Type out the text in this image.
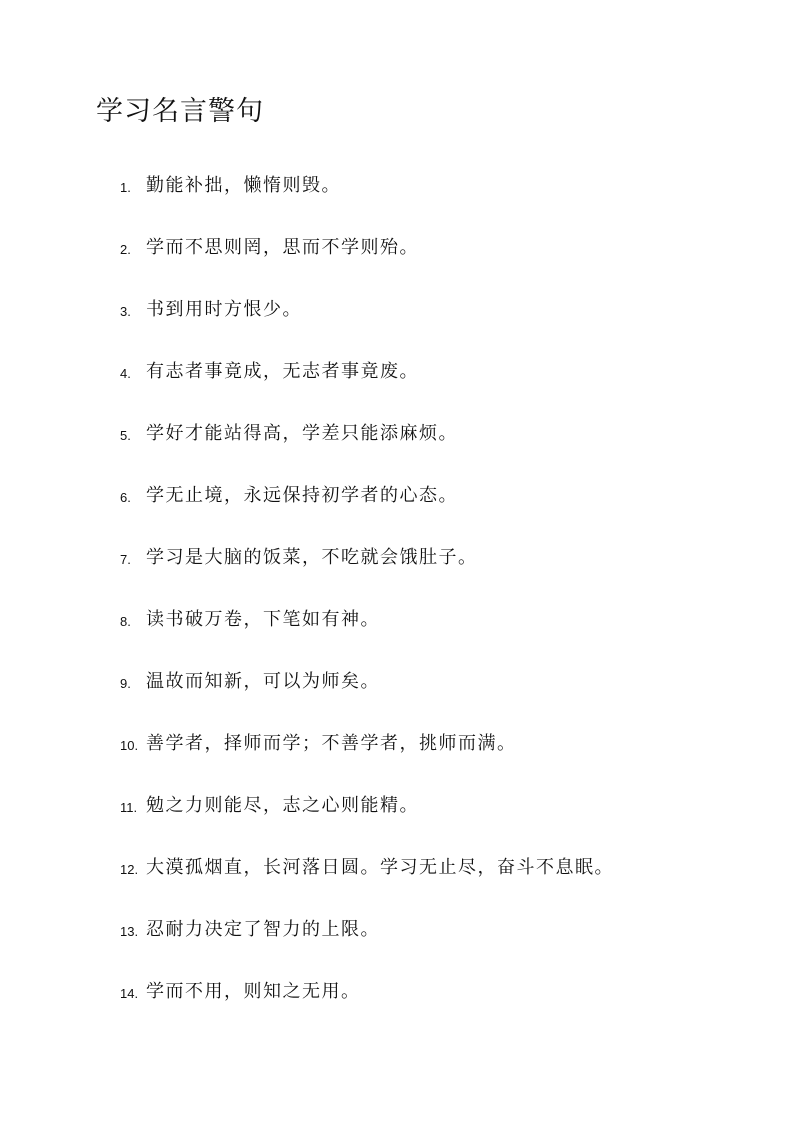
学习名言警句
1. 勤能补拙，懒惰则毁。
2. 学而不思则罔，思而不学则殆。
3. 书到用时方恨少。
4. 有志者事竟成，无志者事竟废。
5. 学好才能站得高，学差只能添麻烦。
6. 学无止境，永远保持初学者的心态。
7. 学习是大脑的饭菜，不吃就会饿肚子。
8. 读书破万卷，下笔如有神。
9. 温故而知新，可以为师矣。
10. 善学者，择师而学；不善学者，挑师而满。
11. 勉之力则能尽，志之心则能精。
12. 大漠孤烟直，长河落日圆。学习无止尽，奋斗不息眠。
13. 忍耐力决定了智力的上限。
14. 学而不用，则知之无用。
